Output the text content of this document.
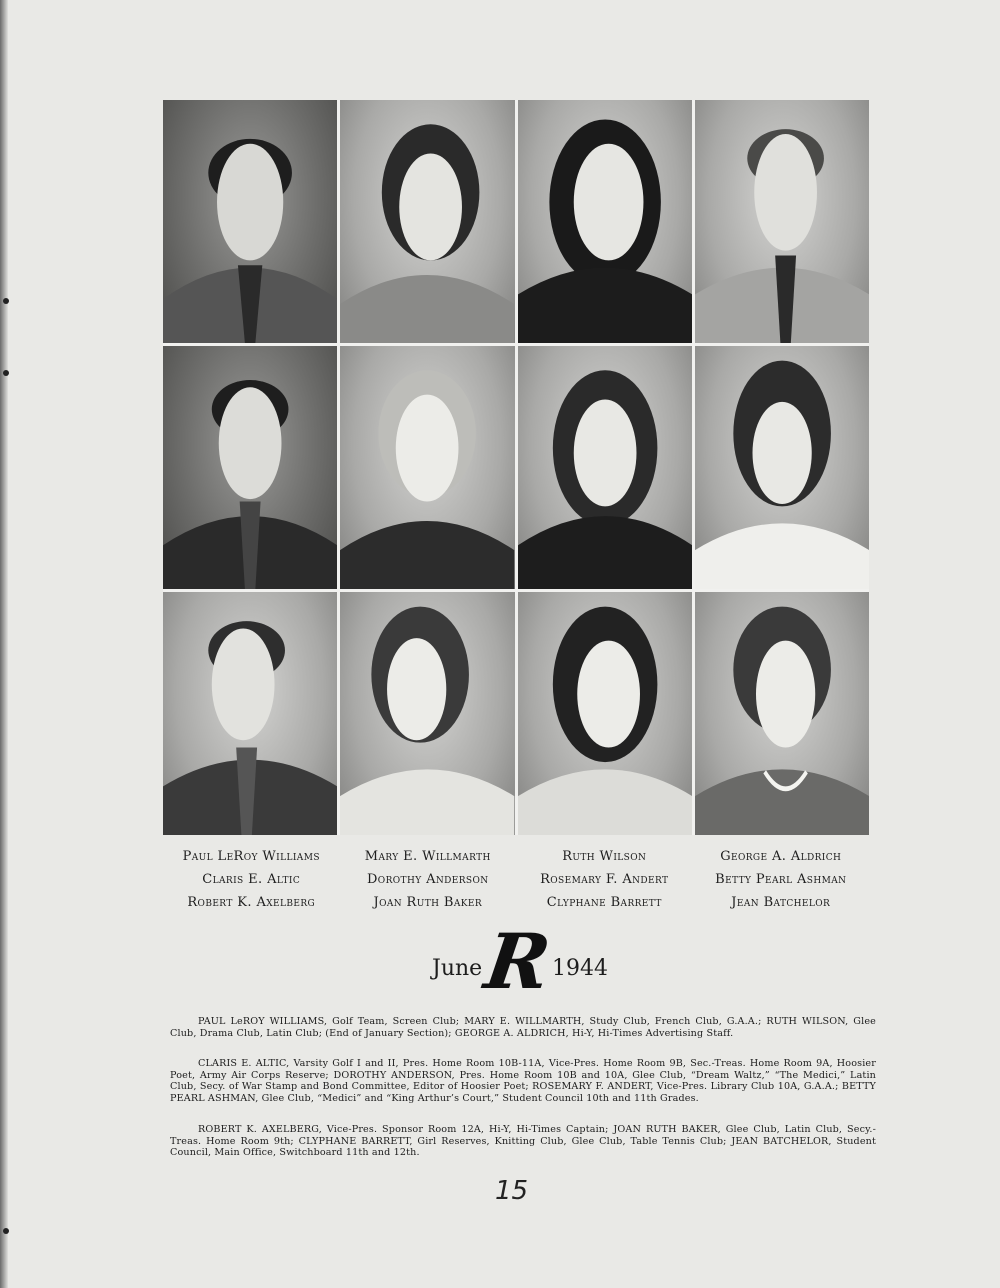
Paul LeRoy Williams
Claris E. Altic
Robert K. Axelberg
Mary E. Willmarth
Dorothy Anderson
Joan Ruth Baker
Ruth Wilson
Rosemary F. Andert
Clyphane Barrett
George A. Aldrich
Betty Pearl Ashman
Jean Batchelor
June
R
1944

PAUL LeROY WILLIAMS, Golf Team, Screen Club; MARY E. WILLMARTH, Study Club, French Club, G.A.A.; RUTH WILSON, Glee Club, Drama Club, Latin Club; (End of January Section); GEORGE A. ALDRICH, Hi-Y, Hi-Times Advertising Staff.

CLARIS E. ALTIC, Varsity Golf I and II, Pres. Home Room 10B-11A, Vice-Pres. Home Room 9B, Sec.-Treas. Home Room 9A, Hoosier Poet, Army Air Corps Reserve; DOROTHY ANDERSON, Pres. Home Room 10B and 10A, Glee Club, “Dream Waltz,” “The Medici,” Latin Club, Secy. of War Stamp and Bond Committee, Editor of Hoosier Poet; ROSEMARY F. ANDERT, Vice-Pres. Library Club 10A, G.A.A.; BETTY PEARL ASHMAN, Glee Club, “Medici” and “King Arthur’s Court,” Student Council 10th and 11th Grades.

ROBERT K. AXELBERG, Vice-Pres. Sponsor Room 12A, Hi-Y, Hi-Times Captain; JOAN RUTH BAKER, Glee Club, Latin Club, Secy.-Treas. Home Room 9th; CLYPHANE BARRETT, Girl Reserves, Knitting Club, Glee Club, Table Tennis Club; JEAN BATCHELOR, Student Council, Main Office, Switchboard 11th and 12th.

15
